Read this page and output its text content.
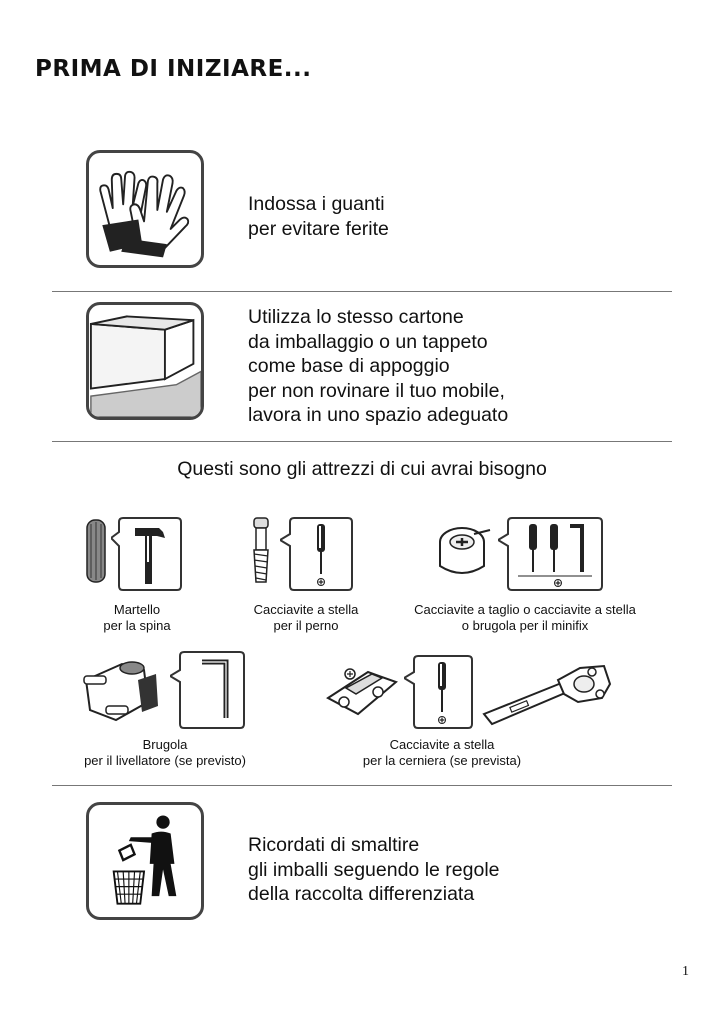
PRIMA DI INIZIARE...
Indossa i guanti
per evitare ferite
Utilizza lo stesso cartone
da imballaggio o un tappeto
come base di appoggio
per non rovinare il tuo mobile,
lavora in uno spazio adeguato
Questi sono gli attrezzi di cui avrai bisogno
Martello
per la spina
Cacciavite a stella
per il perno
Cacciavite a taglio o cacciavite a stella
o brugola per il minifix
Brugola
per il livellatore (se previsto)
Cacciavite a stella
per la cerniera (se prevista)
Ricordati di smaltire
gli imballi seguendo le regole
della raccolta differenziata
1
